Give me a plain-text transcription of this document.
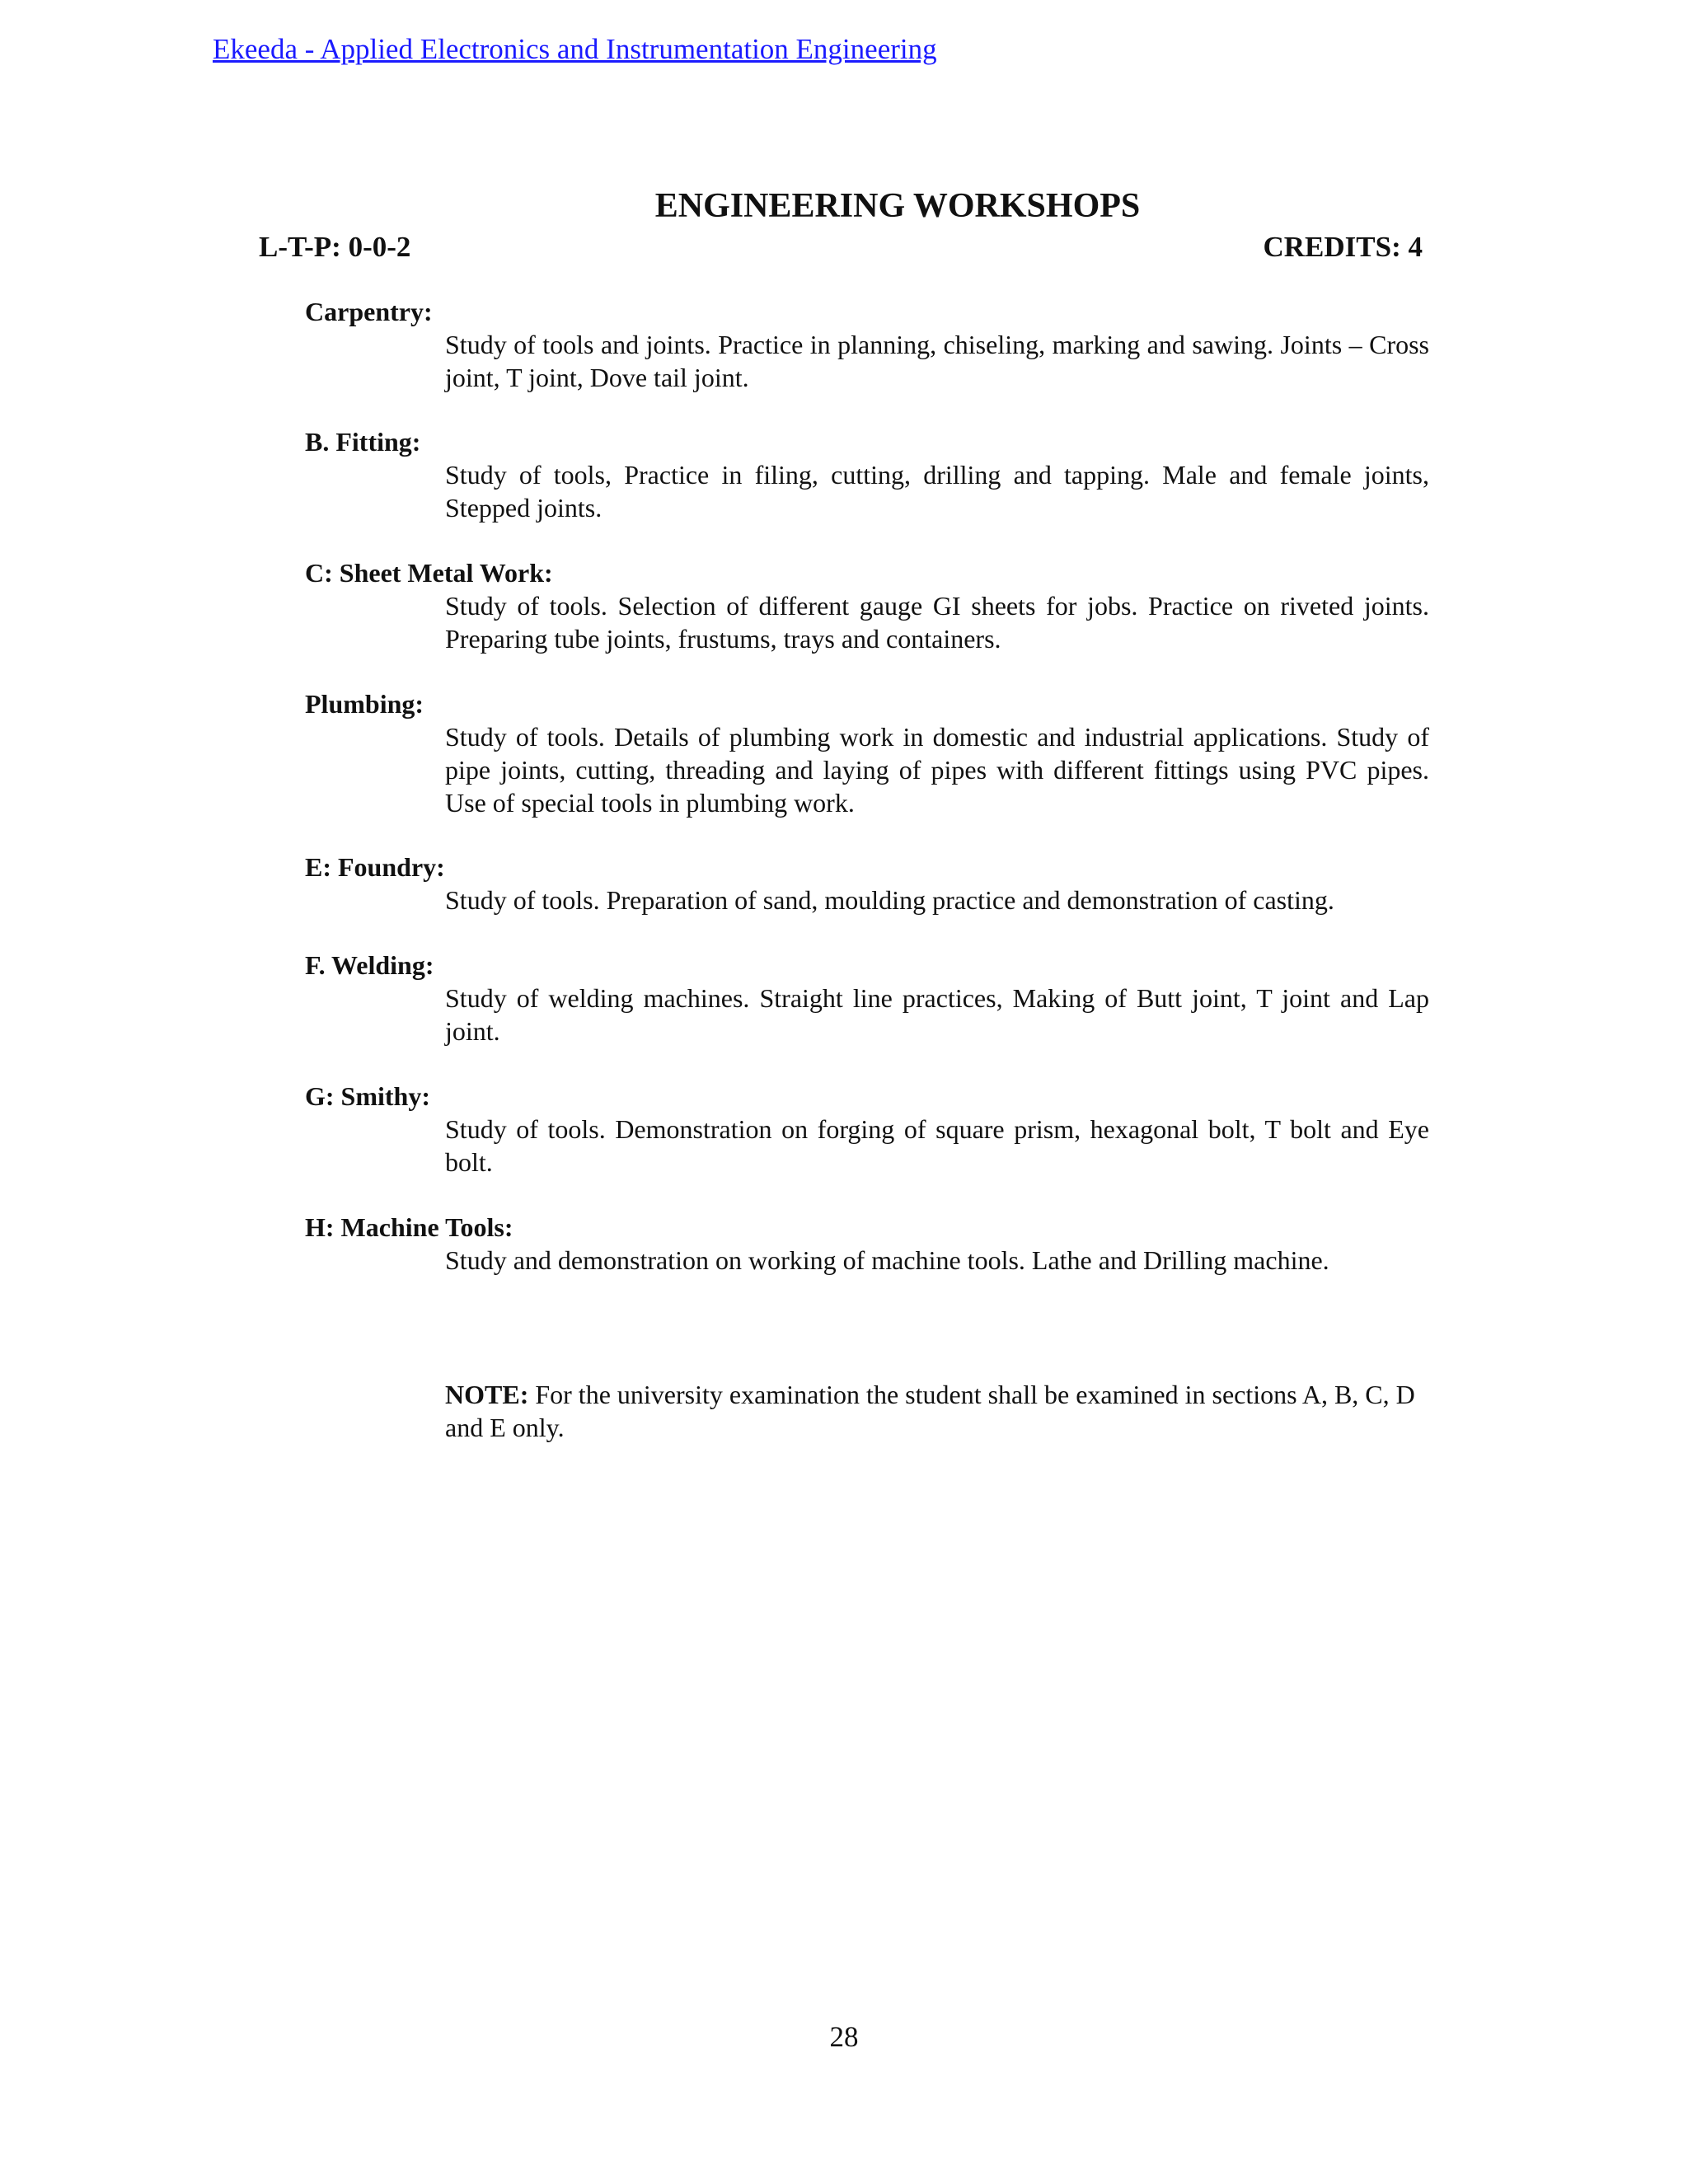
Ekeeda - Applied Electronics and Instrumentation Engineering
ENGINEERING WORKSHOPS
L-T-P: 0-0-2	CREDITS: 4
Carpentry:
Study of tools and joints. Practice in planning, chiseling, marking and sawing. Joints – Cross joint, T joint, Dove tail joint.
B. Fitting:
Study of tools, Practice in filing, cutting, drilling and tapping. Male and female joints, Stepped joints.
C: Sheet Metal Work:
Study of tools. Selection of different gauge GI sheets for jobs. Practice on riveted joints. Preparing tube joints, frustums, trays and containers.
Plumbing:
Study of tools. Details of plumbing work in domestic and industrial applications. Study of pipe joints, cutting, threading and laying of pipes with different fittings using PVC pipes. Use of special tools in plumbing work.
E: Foundry:
Study of tools. Preparation of sand, moulding practice and demonstration of casting.
F. Welding:
Study of welding machines. Straight line practices, Making of Butt joint, T joint and Lap joint.
G: Smithy:
Study of tools. Demonstration on forging of square prism, hexagonal bolt, T bolt and Eye bolt.
H: Machine Tools:
Study and demonstration on working of machine tools. Lathe and Drilling machine.
NOTE: For the university examination the student shall be examined in sections A, B, C, D and E only.
28
